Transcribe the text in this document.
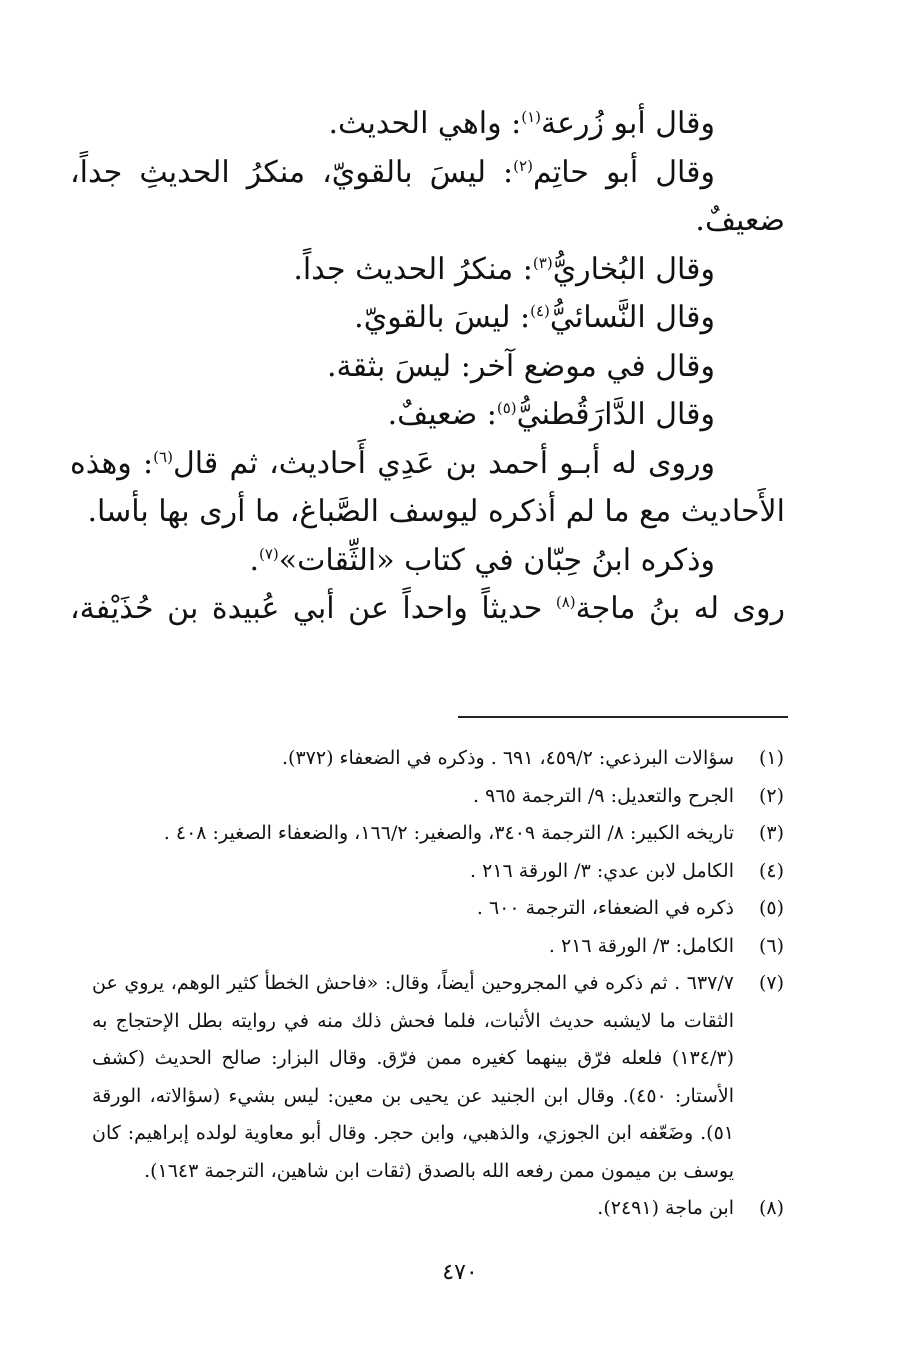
وقال أبو زُرعة$^{(١)}$: واهي الحديث.

وقال أبو حاتِم$^{(٢)}$: ليسَ بالقويّ، منكرُ الحديثِ جداً،

ضعيفٌ.

وقال البُخاريُّ$^{(٣)}$: منكرُ الحديث جداً.

وقال النَّسائيُّ$^{(٤)}$: ليسَ بالقويّ.

وقال في موضع آخر: ليسَ بثقة.

وقال الدَّارَقُطنيُّ$^{(٥)}$: ضعيفٌ.

وروى له أبـو أحمد بن عَدِي أَحاديث، ثم قال$^{(٦)}$: وهذه

الأَحاديث مع ما لم أذكره ليوسف الصَّباغ، ما أرى بها بأسا.

وذكره ابنُ حِبّان في كتاب «الثِّقات»$^{(٧)}$.

روى له بنُ ماجة$^{(٨)}$ حديثاً واحداً عن أبي عُبيدة بن حُذَيْفة،

(١)
سؤالات البرذعي: ٤٥٩/٢، ٦٩١ . وذكره في الضعفاء (٣٧٢).
(٢)
الجرح والتعديل: ٩/ الترجمة ٩٦٥ .
(٣)
تاريخه الكبير: ٨/ الترجمة ٣٤٠٩، والصغير: ١٦٦/٢، والضعفاء الصغير: ٤٠٨ .
(٤)
الكامل لابن عدي: ٣/ الورقة ٢١٦ .
(٥)
ذكره في الضعفاء، الترجمة ٦٠٠ .
(٦)
الكامل: ٣/ الورقة ٢١٦ .
(٧)
٦٣٧/٧ . ثم ذكره في المجروحين أيضاً، وقال: «فاحش الخطأ كثير الوهم، يروي عن الثقات ما لايشبه حديث الأثبات، فلما فحش ذلك منه في روايته بطل الإحتجاج به (١٣٤/٣) فلعله فرّق بينهما كغيره ممن فرّق. وقال البزار: صالح الحديث (كشف الأستار: ٤٥٠). وقال ابن الجنيد عن يحيى بن معين: ليس بشيء (سؤالاته، الورقة ٥١). وضَعّفه ابن الجوزي، والذهبي، وابن حجر. وقال أبو معاوية لولده إبراهيم: كان يوسف بن ميمون ممن رفعه الله بالصدق (ثقات ابن شاهين، الترجمة ١٦٤٣).
(٨)
ابن ماجة (٢٤٩١).
٤٧٠
